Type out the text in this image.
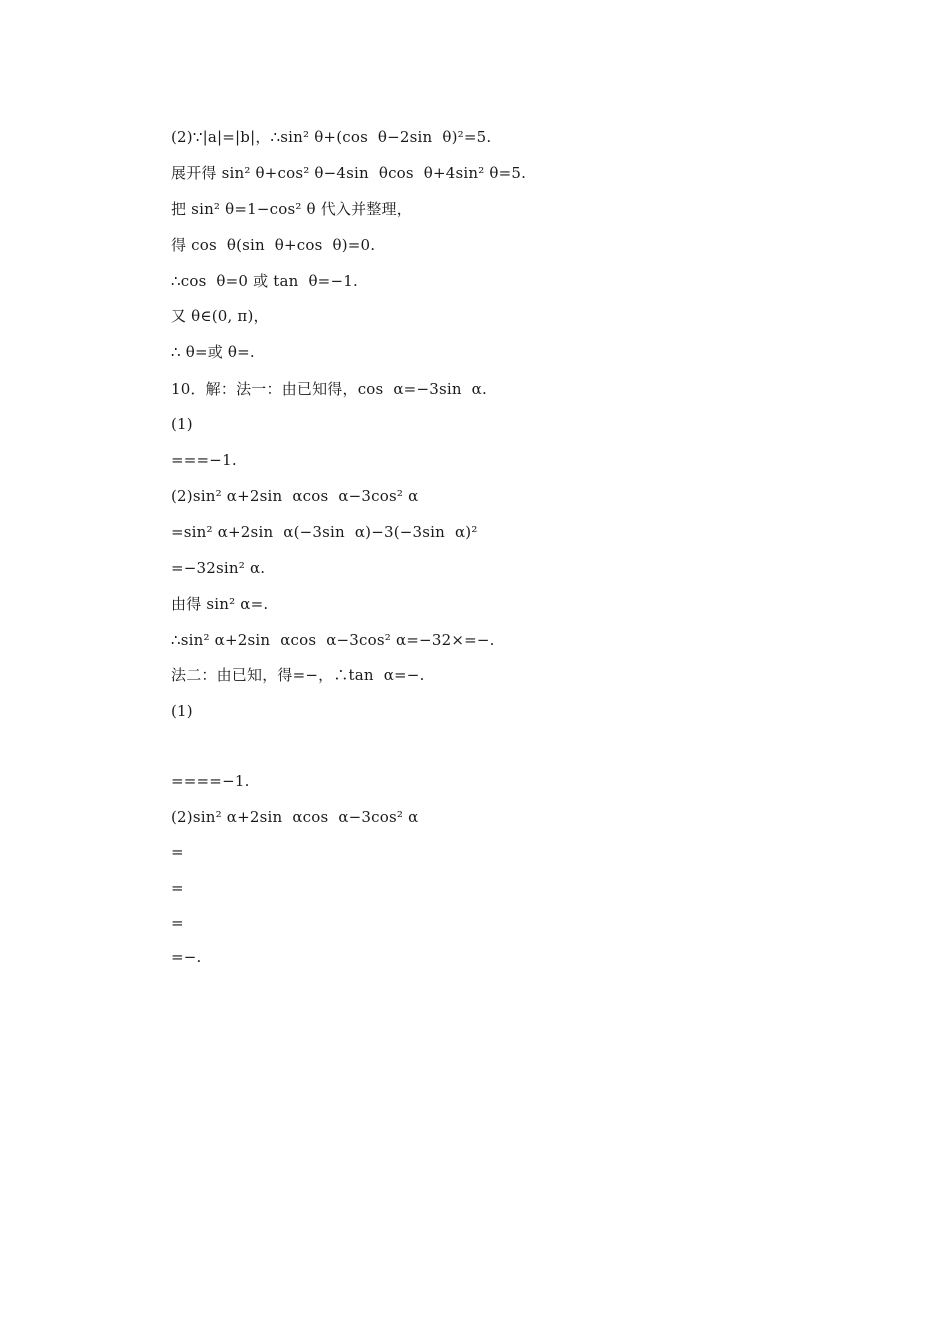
(2)∵|a|=|b|，∴sin² θ+(cos  θ−2sin  θ)²=5.
展开得 sin² θ+cos² θ−4sin  θcos  θ+4sin² θ=5.
把 sin² θ=1−cos² θ 代入并整理，
得 cos  θ(sin  θ+cos  θ)=0.
∴cos  θ=0 或 tan  θ=−1.
又 θ∈(0, π)，
∴ θ=或 θ=.
10．解：法一：由已知得，cos  α=−3sin  α.
(1)
===−1.
(2)sin² α+2sin  αcos  α−3cos² α
=sin² α+2sin  α(−3sin  α)−3(−3sin  α)²
=−32sin² α.
由得 sin² α=.
∴sin² α+2sin  αcos  α−3cos² α=−32×=−.
法二：由已知，得=−，∴tan  α=−.
(1)
====−1.
(2)sin² α+2sin  αcos  α−3cos² α
=
=
=
=−.
